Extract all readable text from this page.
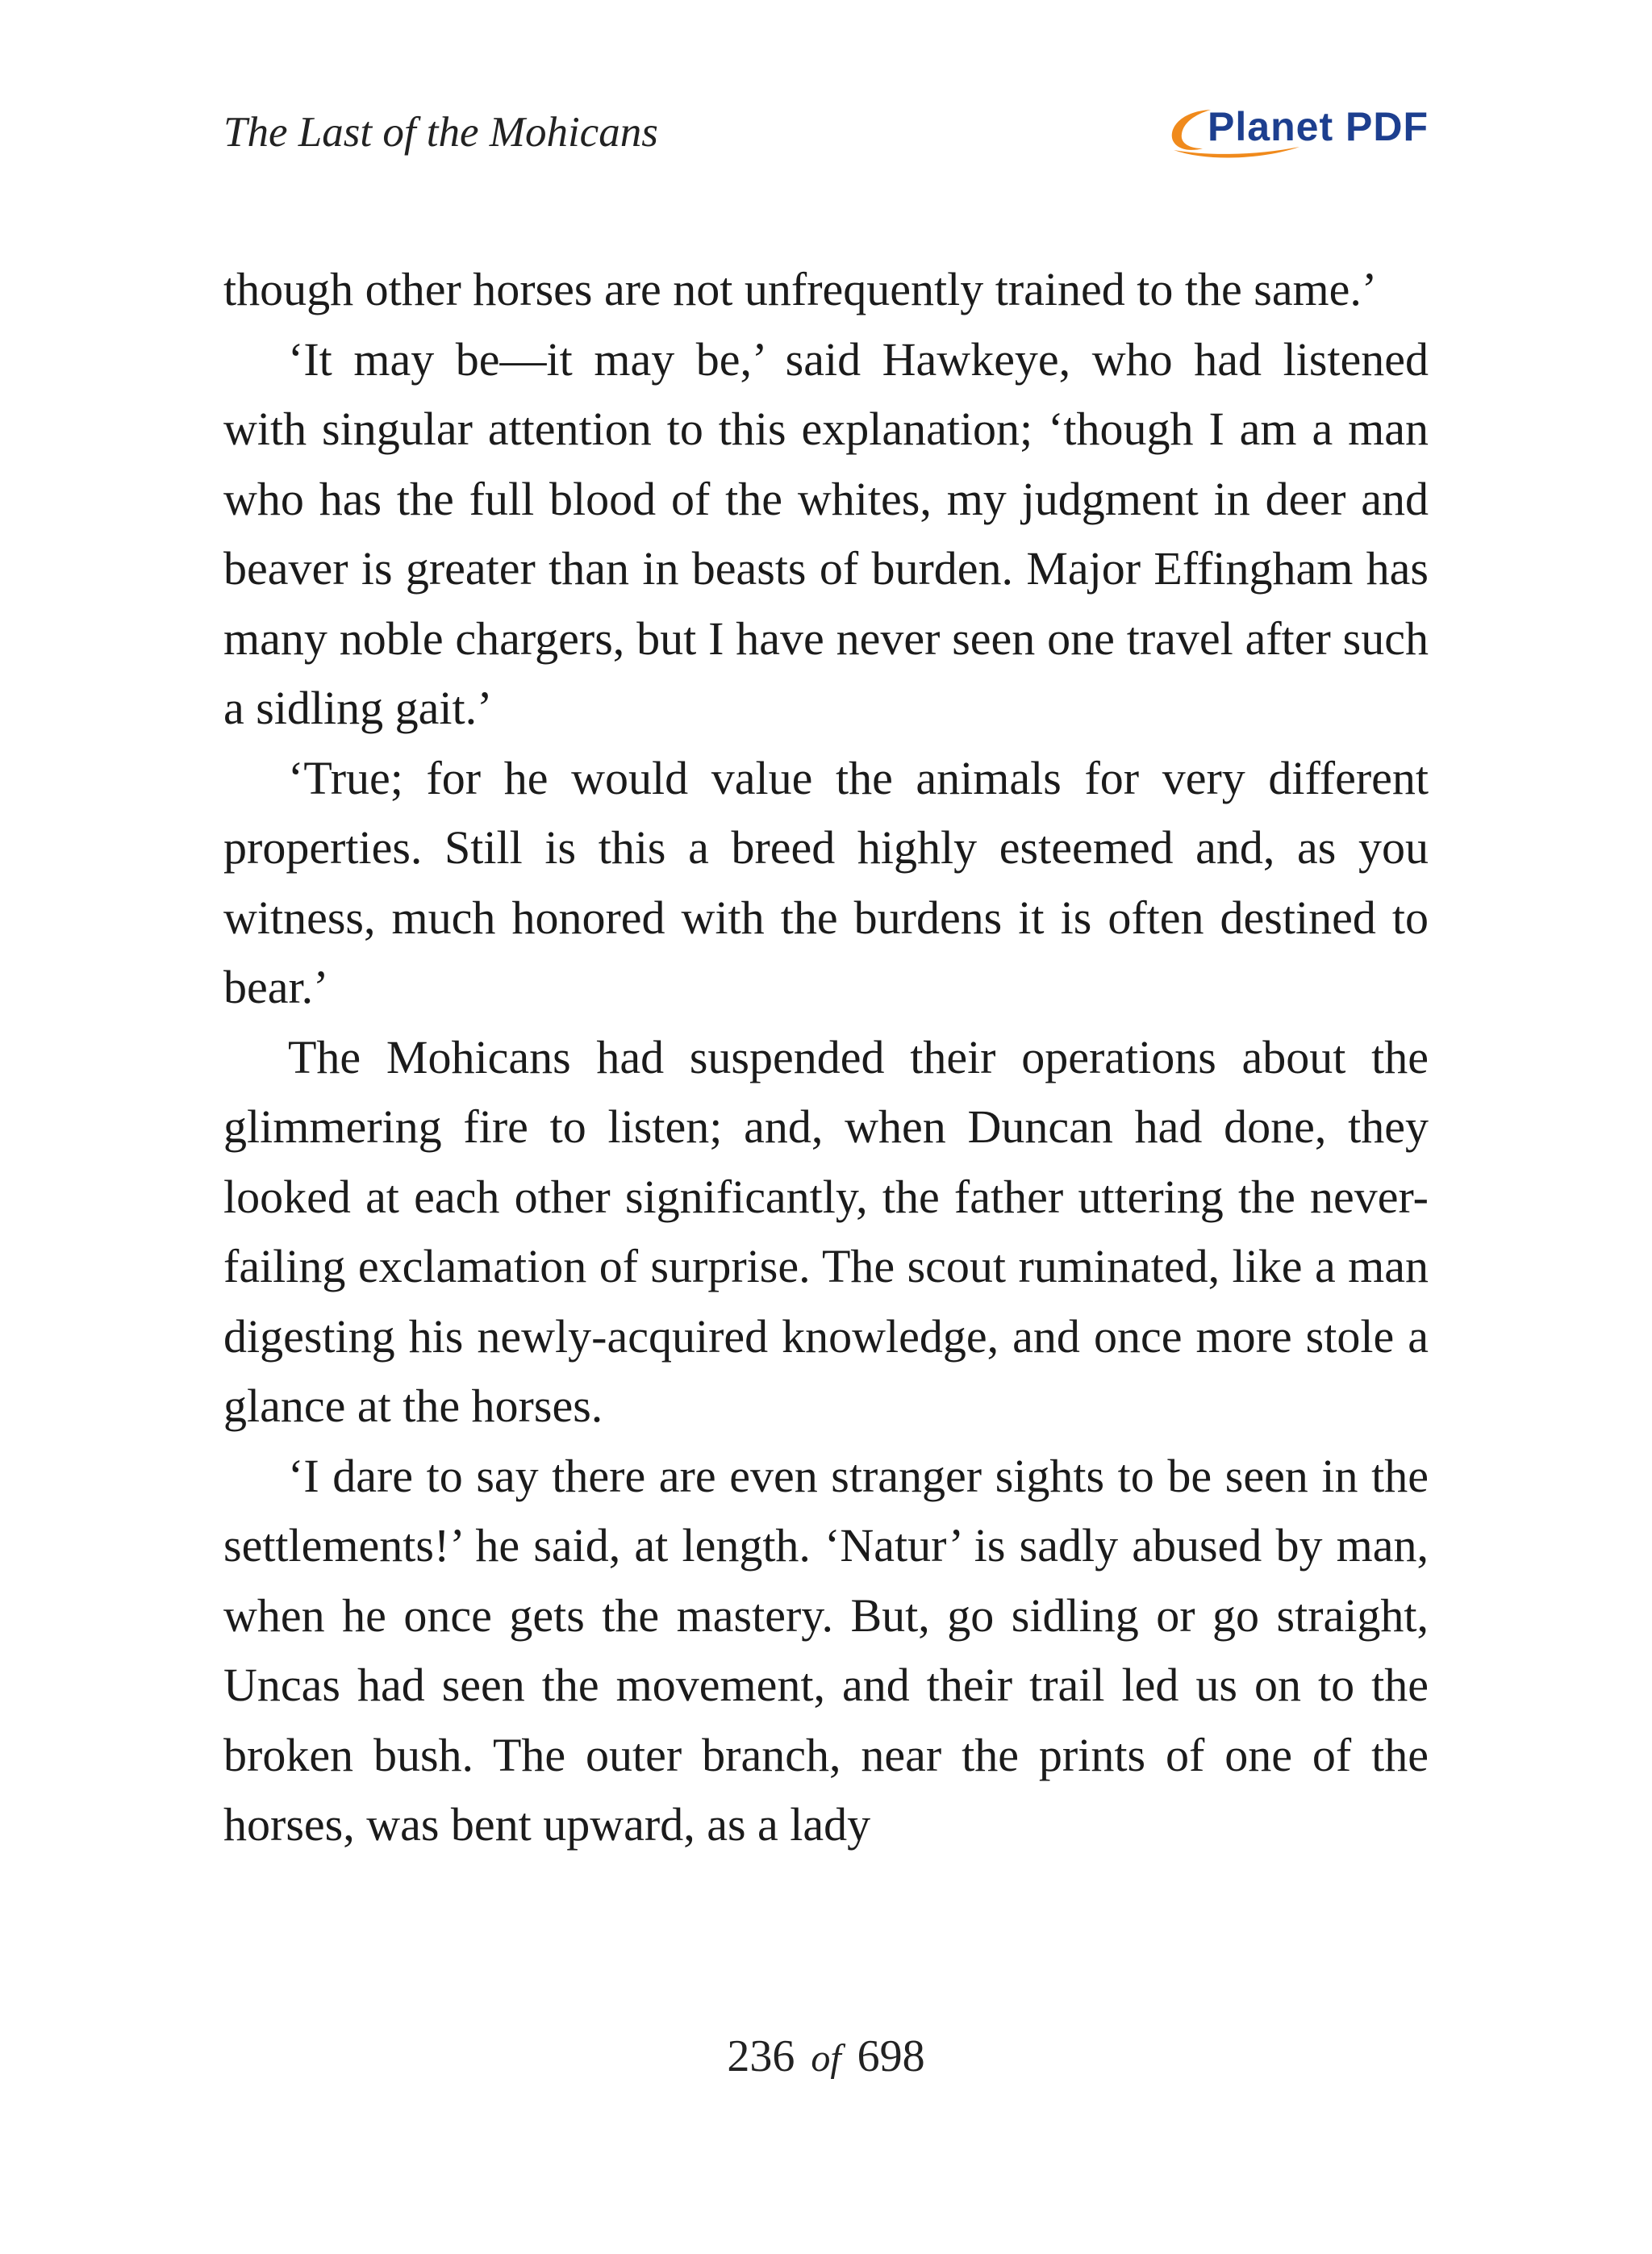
The Last of the Mohicans	Planet PDF

though other horses are not unfrequently trained to the same.’

‘It may be—it may be,’ said Hawkeye, who had listened with singular attention to this explanation; ‘though I am a man who has the full blood of the whites, my judgment in deer and beaver is greater than in beasts of burden. Major Effingham has many noble chargers, but I have never seen one travel after such a sidling gait.’

‘True; for he would value the animals for very different properties. Still is this a breed highly esteemed and, as you witness, much honored with the burdens it is often destined to bear.’

The Mohicans had suspended their operations about the glimmering fire to listen; and, when Duncan had done, they looked at each other significantly, the father uttering the never-failing exclamation of surprise. The scout ruminated, like a man digesting his newly-acquired knowledge, and once more stole a glance at the horses.

‘I dare to say there are even stranger sights to be seen in the settlements!’ he said, at length. ‘Natur’ is sadly abused by man, when he once gets the mastery. But, go sidling or go straight, Uncas had seen the movement, and their trail led us on to the broken bush. The outer branch, near the prints of one of the horses, was bent upward, as a lady

236 of 698
